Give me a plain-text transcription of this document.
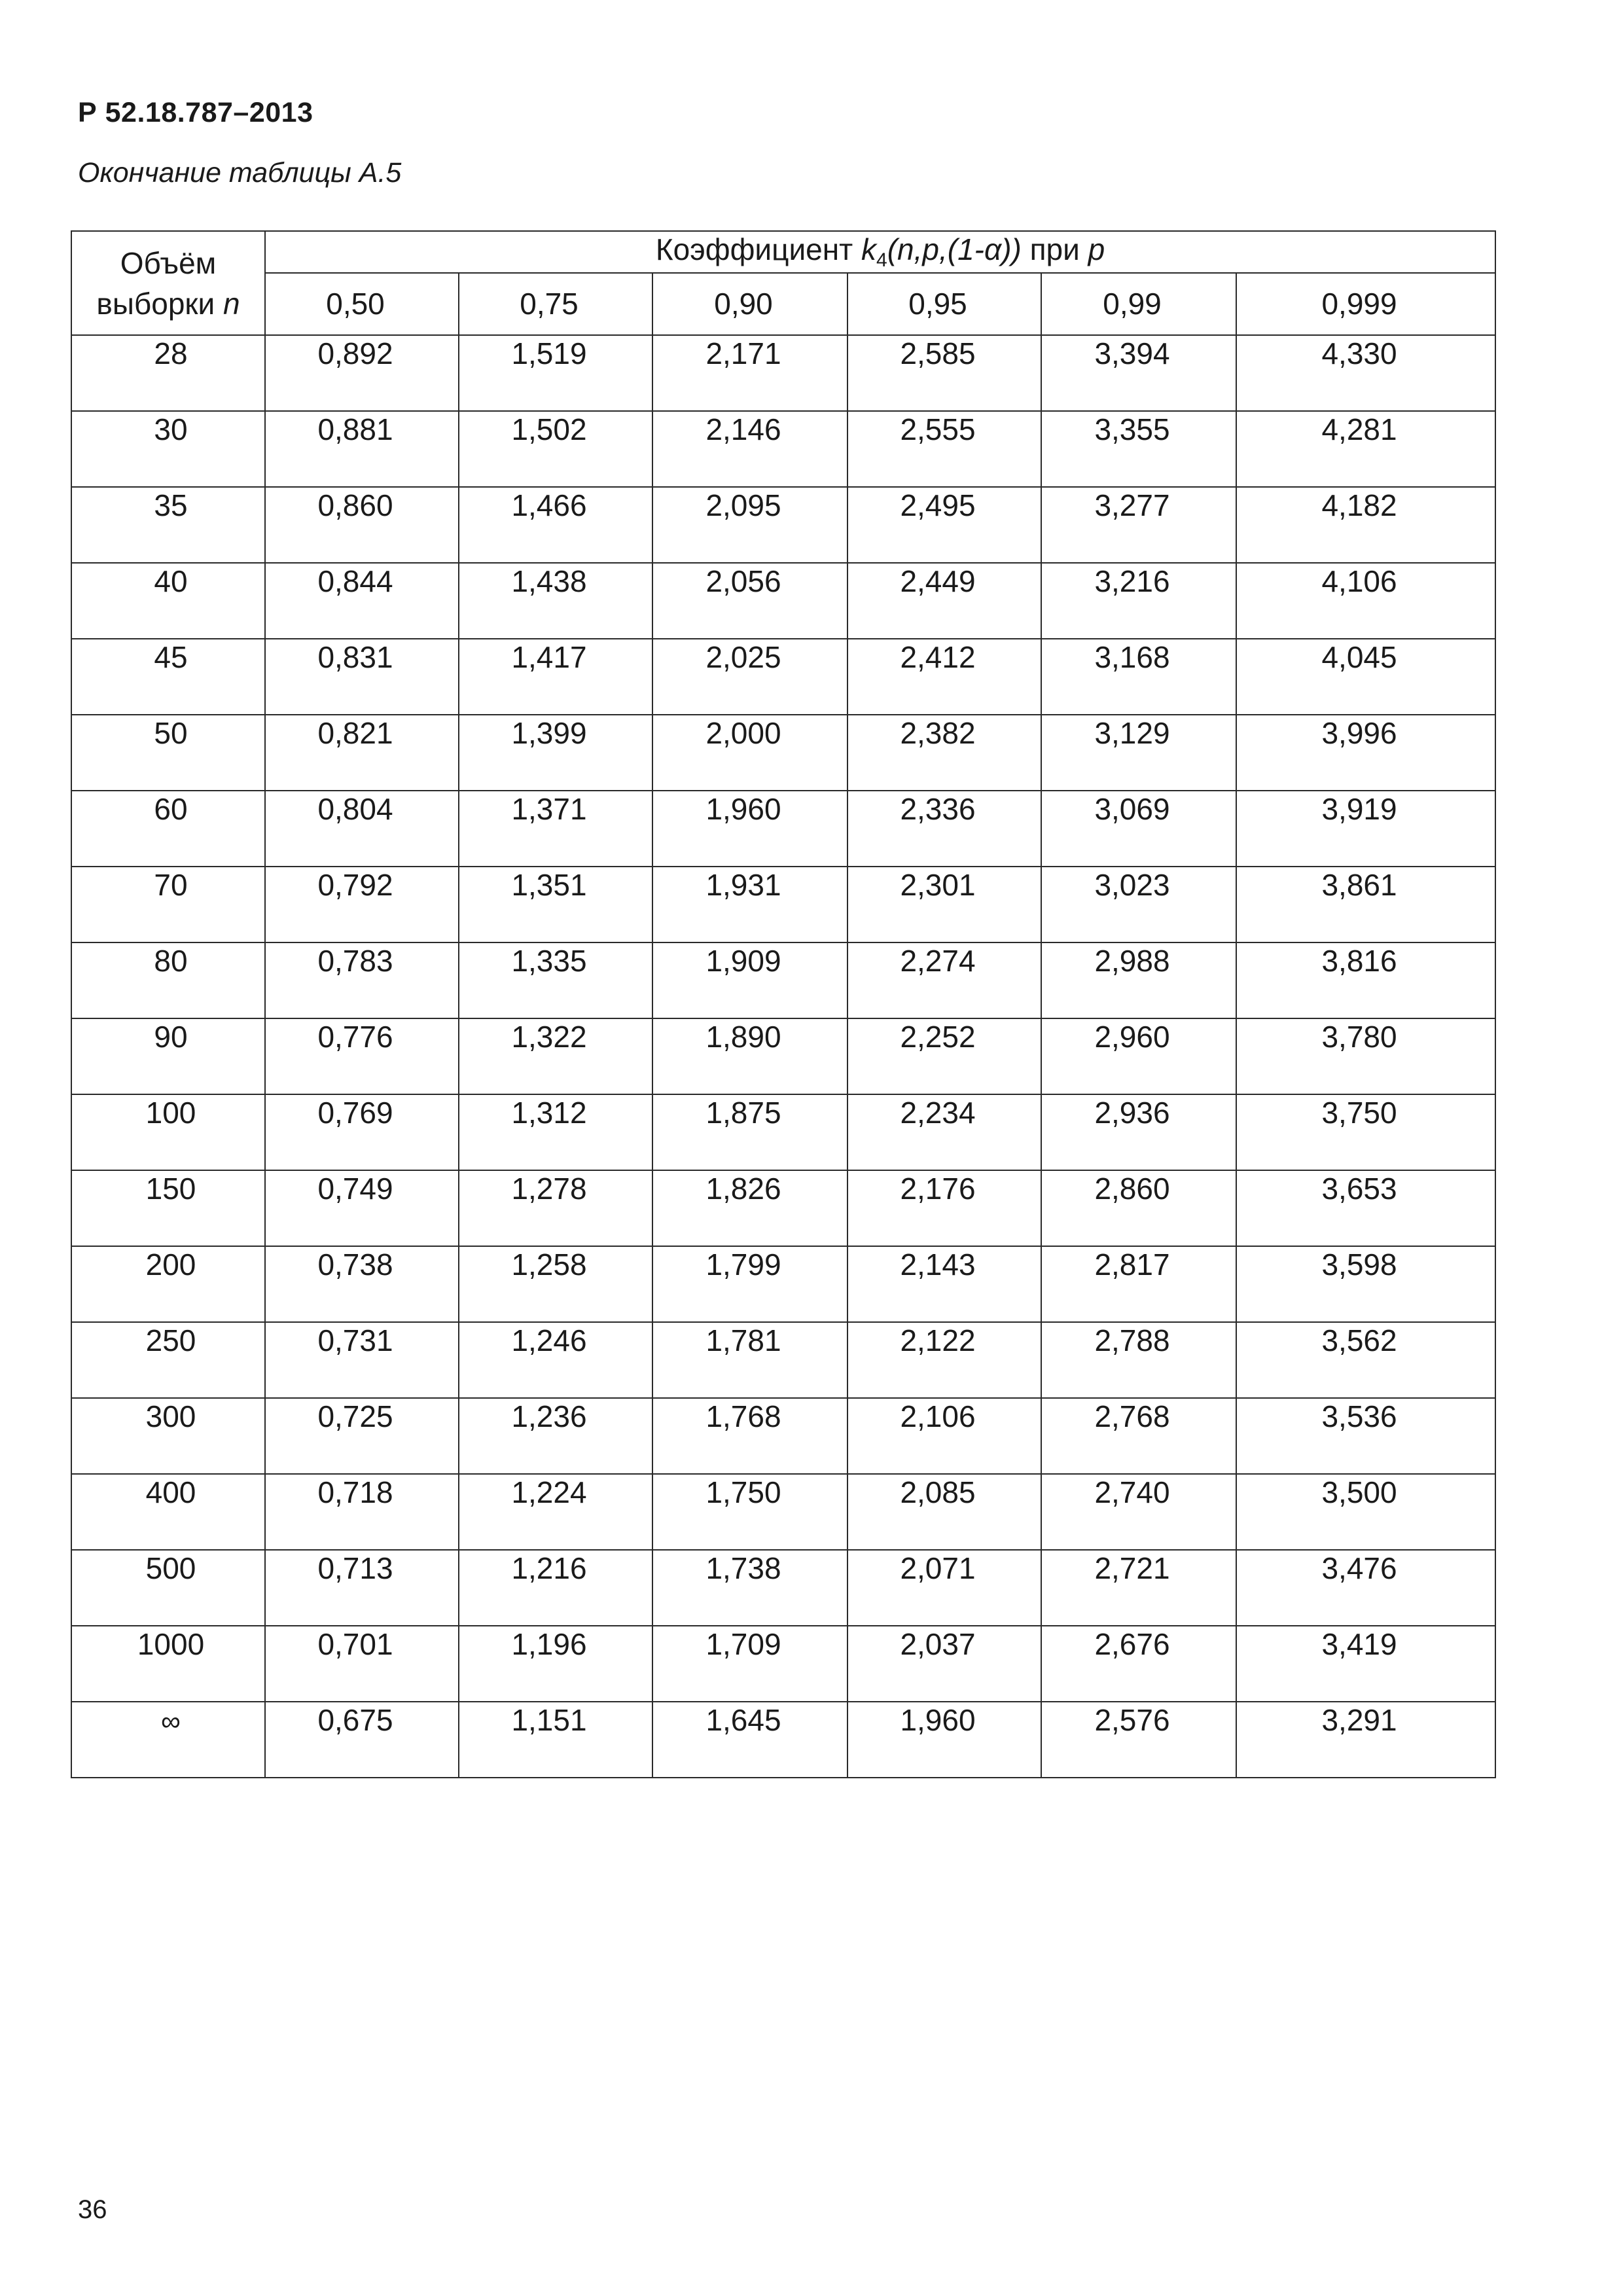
Р 52.18.787–2013
Окончание таблицы А.5
Объём
выборки n	Коэффициент $k_4(n,p,(1-\alpha))$ при p					
	0,50	0,75	0,90	0,95	0,99	0,999
28	0,892	1,519	2,171	2,585	3,394	4,330
30	0,881	1,502	2,146	2,555	3,355	4,281
35	0,860	1,466	2,095	2,495	3,277	4,182
40	0,844	1,438	2,056	2,449	3,216	4,106
45	0,831	1,417	2,025	2,412	3,168	4,045
50	0,821	1,399	2,000	2,382	3,129	3,996
60	0,804	1,371	1,960	2,336	3,069	3,919
70	0,792	1,351	1,931	2,301	3,023	3,861
80	0,783	1,335	1,909	2,274	2,988	3,816
90	0,776	1,322	1,890	2,252	2,960	3,780
100	0,769	1,312	1,875	2,234	2,936	3,750
150	0,749	1,278	1,826	2,176	2,860	3,653
200	0,738	1,258	1,799	2,143	2,817	3,598
250	0,731	1,246	1,781	2,122	2,788	3,562
300	0,725	1,236	1,768	2,106	2,768	3,536
400	0,718	1,224	1,750	2,085	2,740	3,500
500	0,713	1,216	1,738	2,071	2,721	3,476
1000	0,701	1,196	1,709	2,037	2,676	3,419
∞	0,675	1,151	1,645	1,960	2,576	3,291
36
